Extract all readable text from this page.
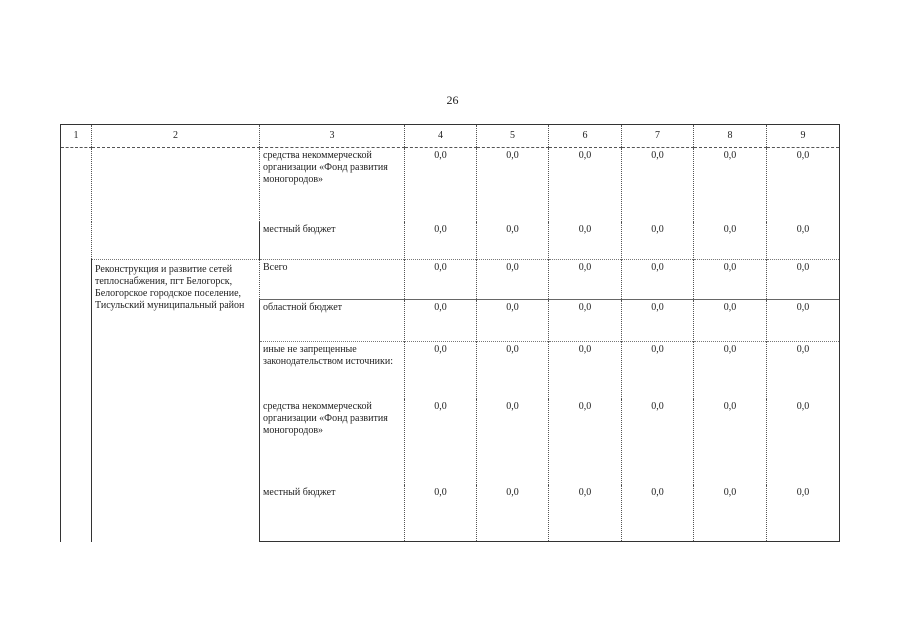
26
1	2	3	4	5	6	7	8	9
		средства некоммерческой организации «Фонд развития моногородов»	0,0	0,0	0,0	0,0	0,0	0,0
		местный бюджет	0,0	0,0	0,0	0,0	0,0	0,0
	Реконструкция и развитие сетей теплоснабжения, пгт Белогорск, Белогорское городское поселение, Тисульский муниципальный район	Всего	0,0	0,0	0,0	0,0	0,0	0,0
		областной бюджет	0,0	0,0	0,0	0,0	0,0	0,0
		иные не запрещенные законодательством источники:	0,0	0,0	0,0	0,0	0,0	0,0
		средства некоммерческой организации «Фонд развития моногородов»	0,0	0,0	0,0	0,0	0,0	0,0
		местный бюджет	0,0	0,0	0,0	0,0	0,0	0,0
